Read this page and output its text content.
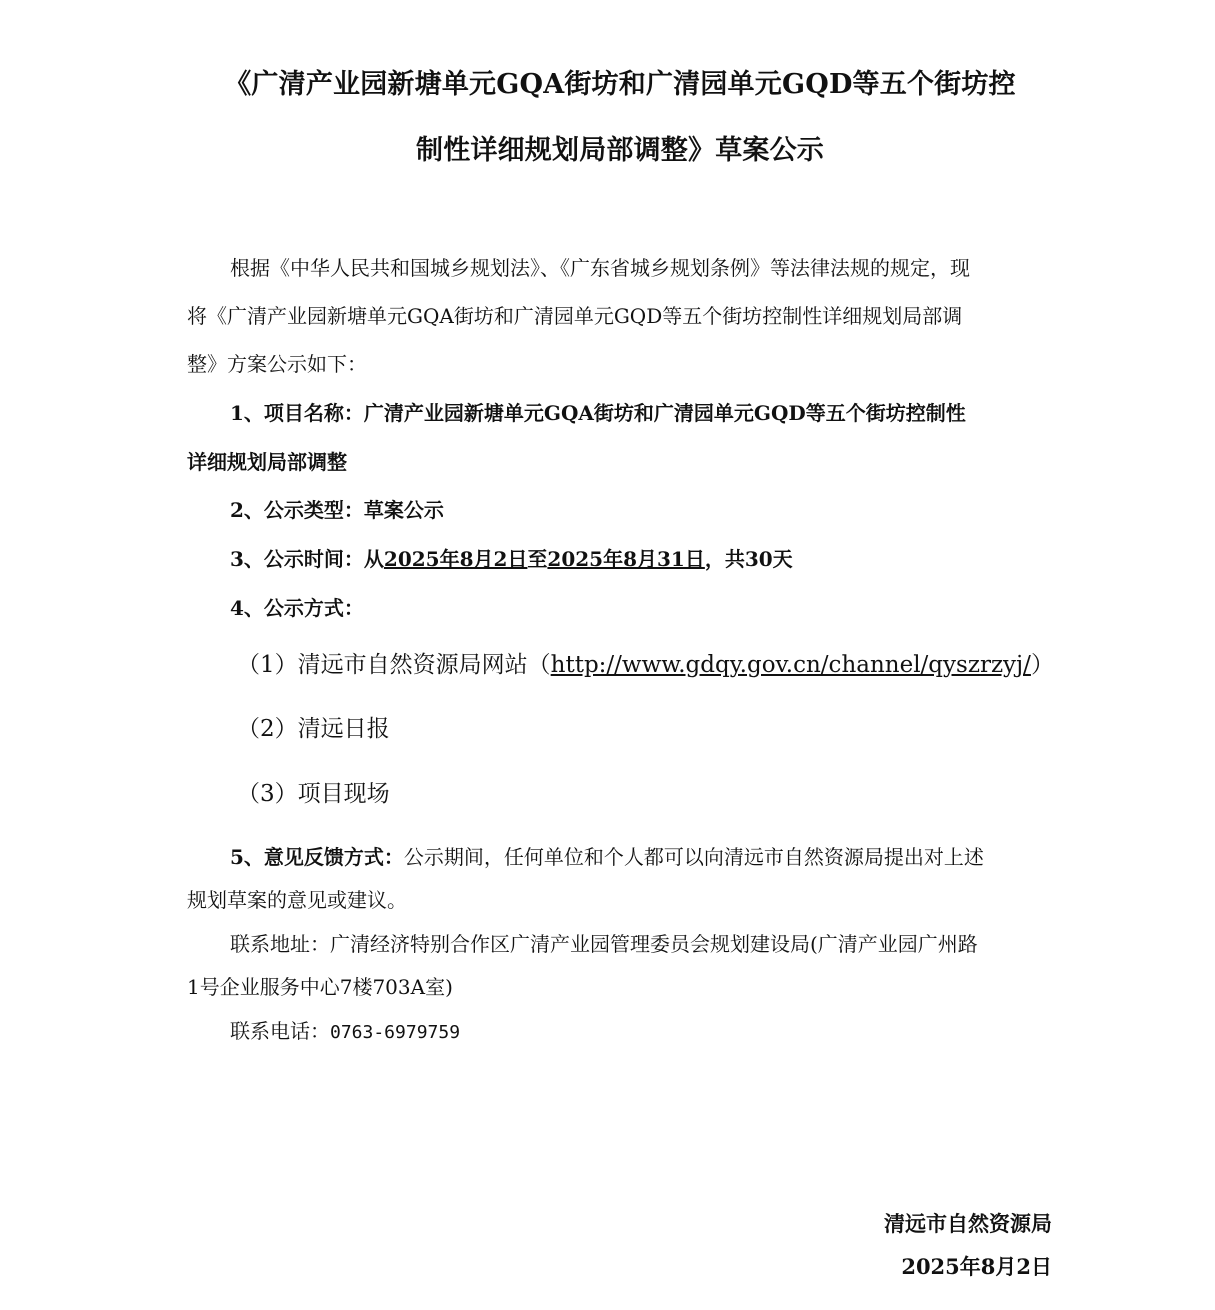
《广清产业园新塘单元GQA街坊和广清园单元GQD等五个街坊控
制性详细规划局部调整》草案公示
根据《中华人民共和国城乡规划法》、《广东省城乡规划条例》等法律法规的规定，现
将《广清产业园新塘单元GQA街坊和广清园单元GQD等五个街坊控制性详细规划局部调
整》方案公示如下：
1、项目名称：广清产业园新塘单元GQA街坊和广清园单元GQD等五个街坊控制性
详细规划局部调整
2、公示类型：草案公示
3、公示时间：从2025年8月2日至2025年8月31日，共30天
4、公示方式：
（1）清远市自然资源局网站（http://www.gdqy.gov.cn/channel/qyszrzyj/）
（2）清远日报
（3）项目现场
5、意见反馈方式：公示期间，任何单位和个人都可以向清远市自然资源局提出对上述
规划草案的意见或建议。
联系地址：广清经济特别合作区广清产业园管理委员会规划建设局(广清产业园广州路
1号企业服务中心7楼703A室)
联系电话：0763-6979759
清远市自然资源局
2025年8月2日
